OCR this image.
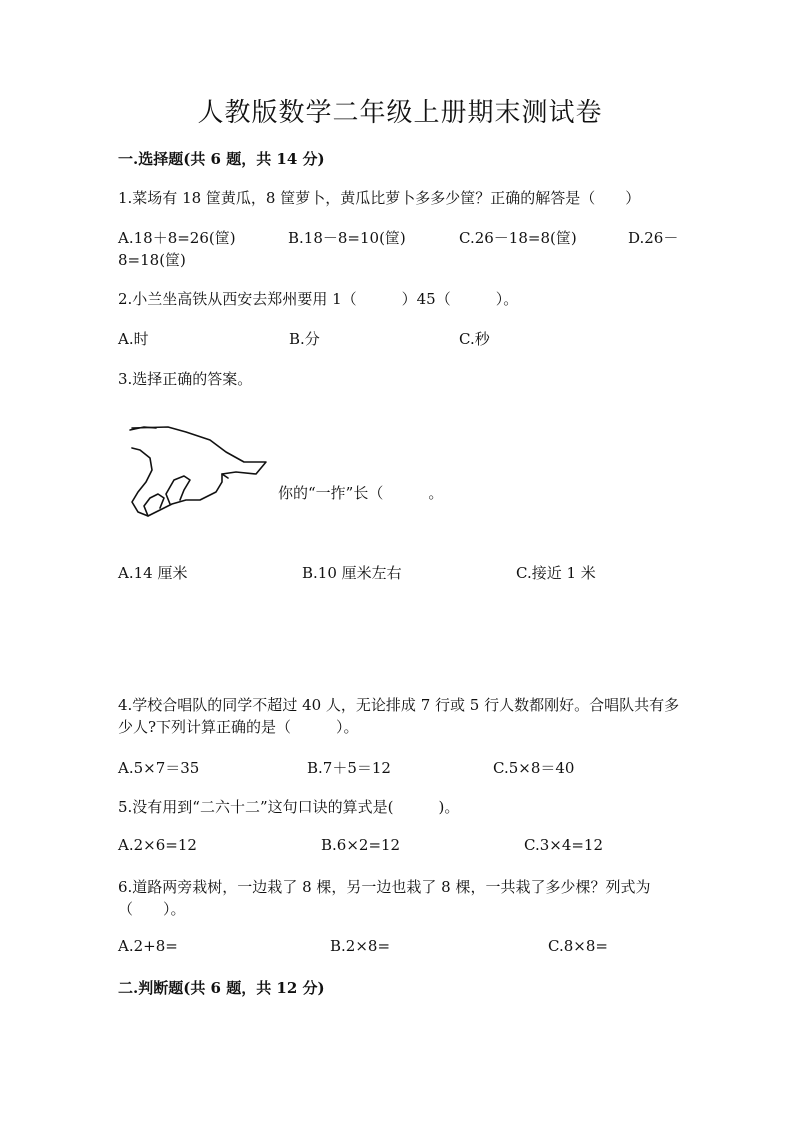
人教版数学二年级上册期末测试卷
一.选择题(共 6 题，共 14 分)
1.菜场有 18 筐黄瓜，8 筐萝卜，黄瓜比萝卜多多少筐？正确的解答是（　　）
A.18＋8=26(筐)	B.18－8=10(筐)	C.26－18=8(筐)	D.26－
8=18(筐)
2.小兰坐高铁从西安去郑州要用 1（　　　）45（　　　）。
A.时	B.分	C.秒
3.选择正确的答案。
你的“一拃”长（　　　。
A.14 厘米	B.10 厘米左右	C.接近 1 米
4.学校合唱队的同学不超过 40 人，无论排成 7 行或 5 行人数都刚好。合唱队共有多少人?下列计算正确的是（　　　）。
A.5×7＝35	B.7＋5＝12	C.5×8＝40
5.没有用到“二六十二”这句口诀的算式是(　　　)。
A.2×6=12	B.6×2=12	C.3×4=12
6.道路两旁栽树，一边栽了 8 棵，另一边也栽了 8 棵，一共栽了多少棵？列式为（　　）。
A.2+8=	B.2×8=	C.8×8=
二.判断题(共 6 题，共 12 分)
